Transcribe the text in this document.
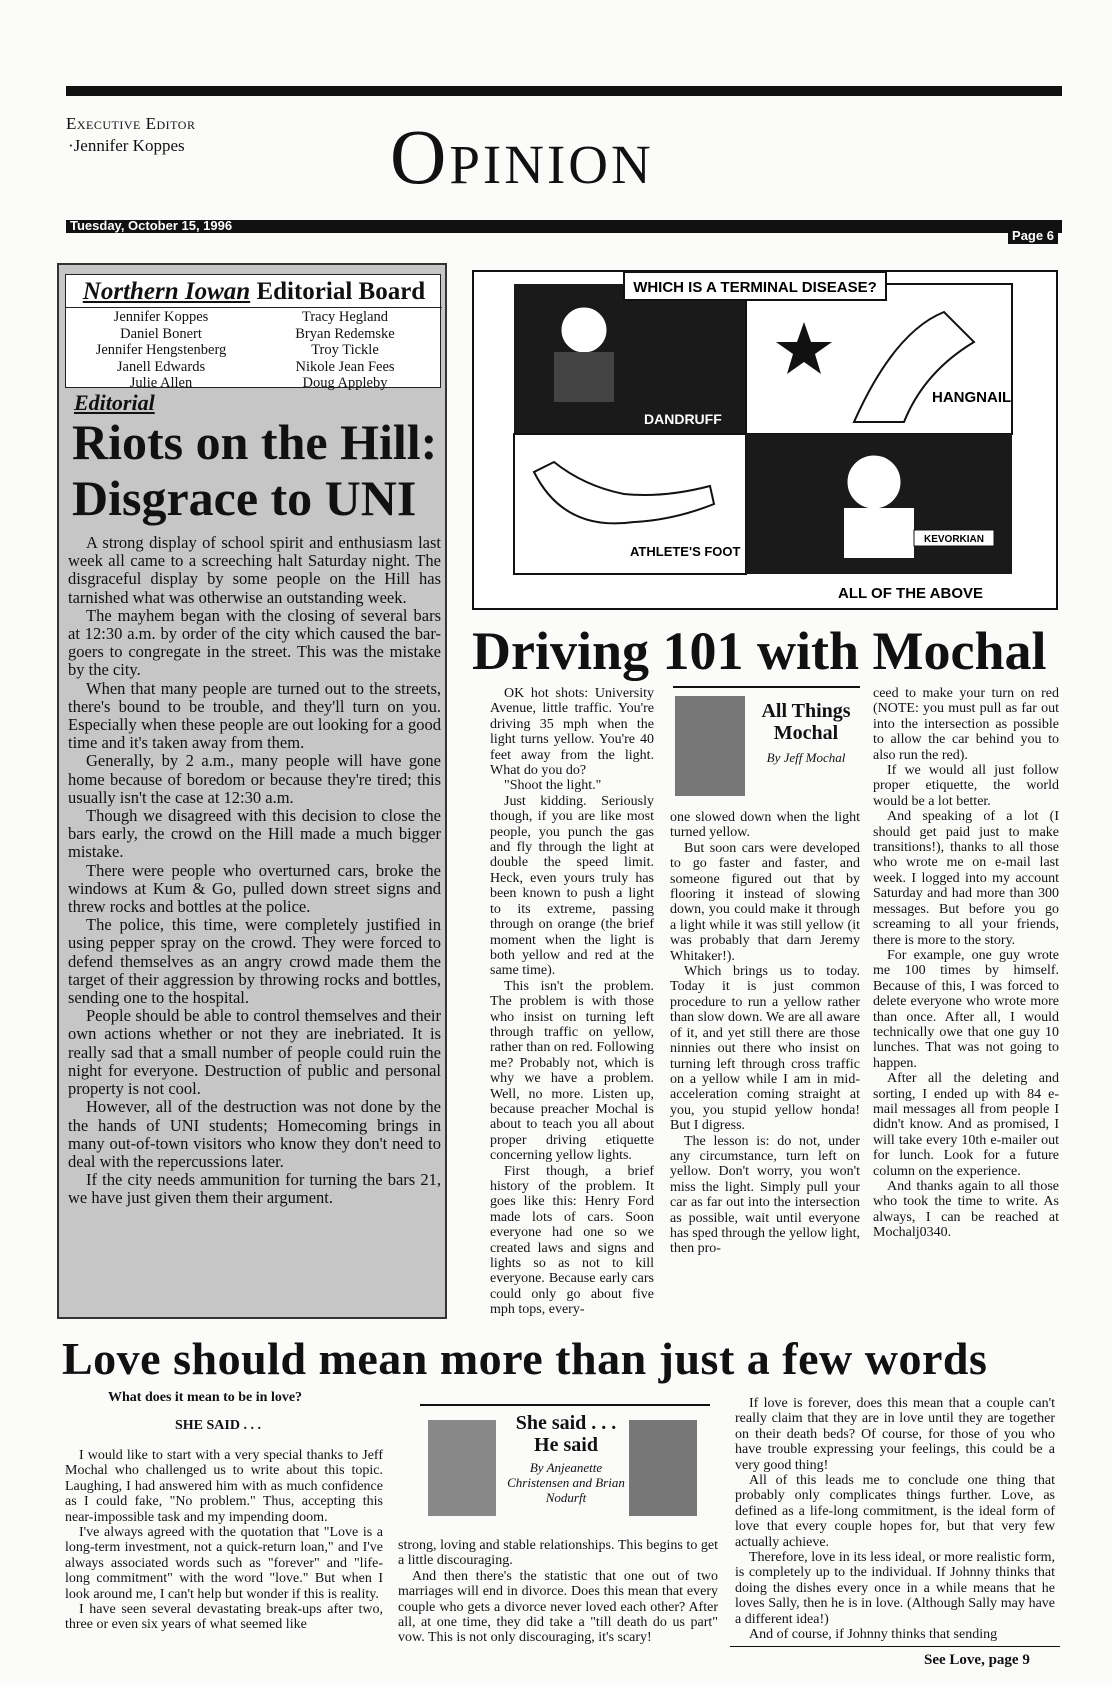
Executive Editor
·Jennifer Koppes	Opinion
Tuesday, October 15, 1996
Page 6
Northern Iowan Editorial Board
Jennifer Koppes
Daniel Bonert
Jennifer Hengstenberg
Janell Edwards
Julie Allen
Tracy Hegland
Bryan Redemske
Troy Tickle
Nikole Jean Fees
Doug Appleby
Editorial
Riots on the Hill: Disgrace to UNI

A strong display of school spirit and enthusiasm last week all came to a screeching halt Saturday night. The disgraceful display by some people on the Hill has tarnished what was otherwise an outstanding week.

The mayhem began with the closing of several bars at 12:30 a.m. by order of the city which caused the bar-goers to congregate in the street. This was the mistake by the city.

When that many people are turned out to the streets, there's bound to be trouble, and they'll turn on you. Especially when these people are out looking for a good time and it's taken away from them.

Generally, by 2 a.m., many people will have gone home because of boredom or because they're tired; this usually isn't the case at 12:30 a.m.

Though we disagreed with this decision to close the bars early, the crowd on the Hill made a much bigger mistake.

There were people who overturned cars, broke the windows at Kum & Go, pulled down street signs and threw rocks and bottles at the police.

The police, this time, were completely justified in using pepper spray on the crowd. They were forced to defend themselves as an angry crowd made them the target of their aggression by throwing rocks and bottles, sending one to the hospital.

People should be able to control themselves and their own actions whether or not they are inebriated. It is really sad that a small number of people could ruin the night for everyone. Destruction of public and personal property is not cool.

However, all of the destruction was not done by the the hands of UNI students; Homecoming brings in many out-of-town visitors who know they don't need to deal with the repercussions later.

If the city needs ammunition for turning the bars 21, we have just given them their argument.

WHICH IS A TERMINAL DISEASE?
DANDRUFF
HANGNAIL
ATHLETE'S FOOT
KEVORKIAN
ALL OF THE ABOVE
Driving 101 with Mochal

OK hot shots: University Avenue, little traffic. You're driving 35 mph when the light turns yellow. You're 40 feet away from the light. What do you do?

"Shoot the light."

Just kidding. Seriously though, if you are like most people, you punch the gas and fly through the light at double the speed limit. Heck, even yours truly has been known to push a light to its extreme, passing through on orange (the brief moment when the light is both yellow and red at the same time).

This isn't the problem. The problem is with those who insist on turning left through traffic on yellow, rather than on red. Following me? Probably not, which is why we have a problem. Well, no more. Listen up, because preacher Mochal is about to teach you all about proper driving etiquette concerning yellow lights.

First though, a brief history of the problem. It goes like this: Henry Ford made lots of cars. Soon everyone had one so we created laws and signs and lights so as not to kill everyone. Because early cars could only go about five mph tops, every-

All Things Mochal
By Jeff Mochal

one slowed down when the light turned yellow.

But soon cars were developed to go faster and faster, and someone figured out that by flooring it instead of slowing down, you could make it through a light while it was still yellow (it was probably that darn Jeremy Whitaker!).

Which brings us to today. Today it is just common procedure to run a yellow rather than slow down. We are all aware of it, and yet still there are those ninnies out there who insist on turning left through cross traffic on a yellow while I am in mid-acceleration coming straight at you, you stupid yellow honda! But I digress.

The lesson is: do not, under any circumstance, turn left on yellow. Don't worry, you won't miss the light. Simply pull your car as far out into the intersection as possible, wait until everyone has sped through the yellow light, then pro-

ceed to make your turn on red (NOTE: you must pull as far out into the intersection as possible to allow the car behind you to also run the red).

If we would all just follow proper etiquette, the world would be a lot better.

And speaking of a lot (I should get paid just to make transitions!), thanks to all those who wrote me on e-mail last week. I logged into my account Saturday and had more than 300 messages. But before you go screaming to all your friends, there is more to the story.

For example, one guy wrote me 100 times by himself. Because of this, I was forced to delete everyone who wrote more than once. After all, I would technically owe that one guy 10 lunches. That was not going to happen.

After all the deleting and sorting, I ended up with 84 e-mail messages all from people I didn't know. And as promised, I will take every 10th e-mailer out for lunch. Look for a future column on the experience.

And thanks again to all those who took the time to write. As always, I can be reached at Mochalj0340.

Love should mean more than just a few words
What does it mean to be in love?
SHE SAID . . .

I would like to start with a very special thanks to Jeff Mochal who challenged us to write about this topic. Laughing, I had answered him with as much confidence as I could fake, "No problem." Thus, accepting this near-impossible task and my impending doom.

I've always agreed with the quotation that "Love is a long-term investment, not a quick-return loan," and I've always associated words such as "forever" and "life-long commitment" with the word "love." But when I look around me, I can't help but wonder if this is reality.

I have seen several devastating break-ups after two, three or even six years of what seemed like

She said . . . He said
By Anjeanette Christensen and Brian Nodurft

strong, loving and stable relationships. This begins to get a little discouraging.

And then there's the statistic that one out of two marriages will end in divorce. Does this mean that every couple who gets a divorce never loved each other? After all, at one time, they did take a "till death do us part" vow. This is not only discouraging, it's scary!

If love is forever, does this mean that a couple can't really claim that they are in love until they are together on their death beds? Of course, for those of you who have trouble expressing your feelings, this could be a very good thing!

All of this leads me to conclude one thing that probably only complicates things further. Love, as defined as a life-long commitment, is the ideal form of love that every couple hopes for, but that very few actually achieve.

Therefore, love in its less ideal, or more realistic form, is completely up to the individual. If Johnny thinks that doing the dishes every once in a while means that he loves Sally, then he is in love. (Although Sally may have a different idea!)

And of course, if Johnny thinks that sending

See Love, page 9
